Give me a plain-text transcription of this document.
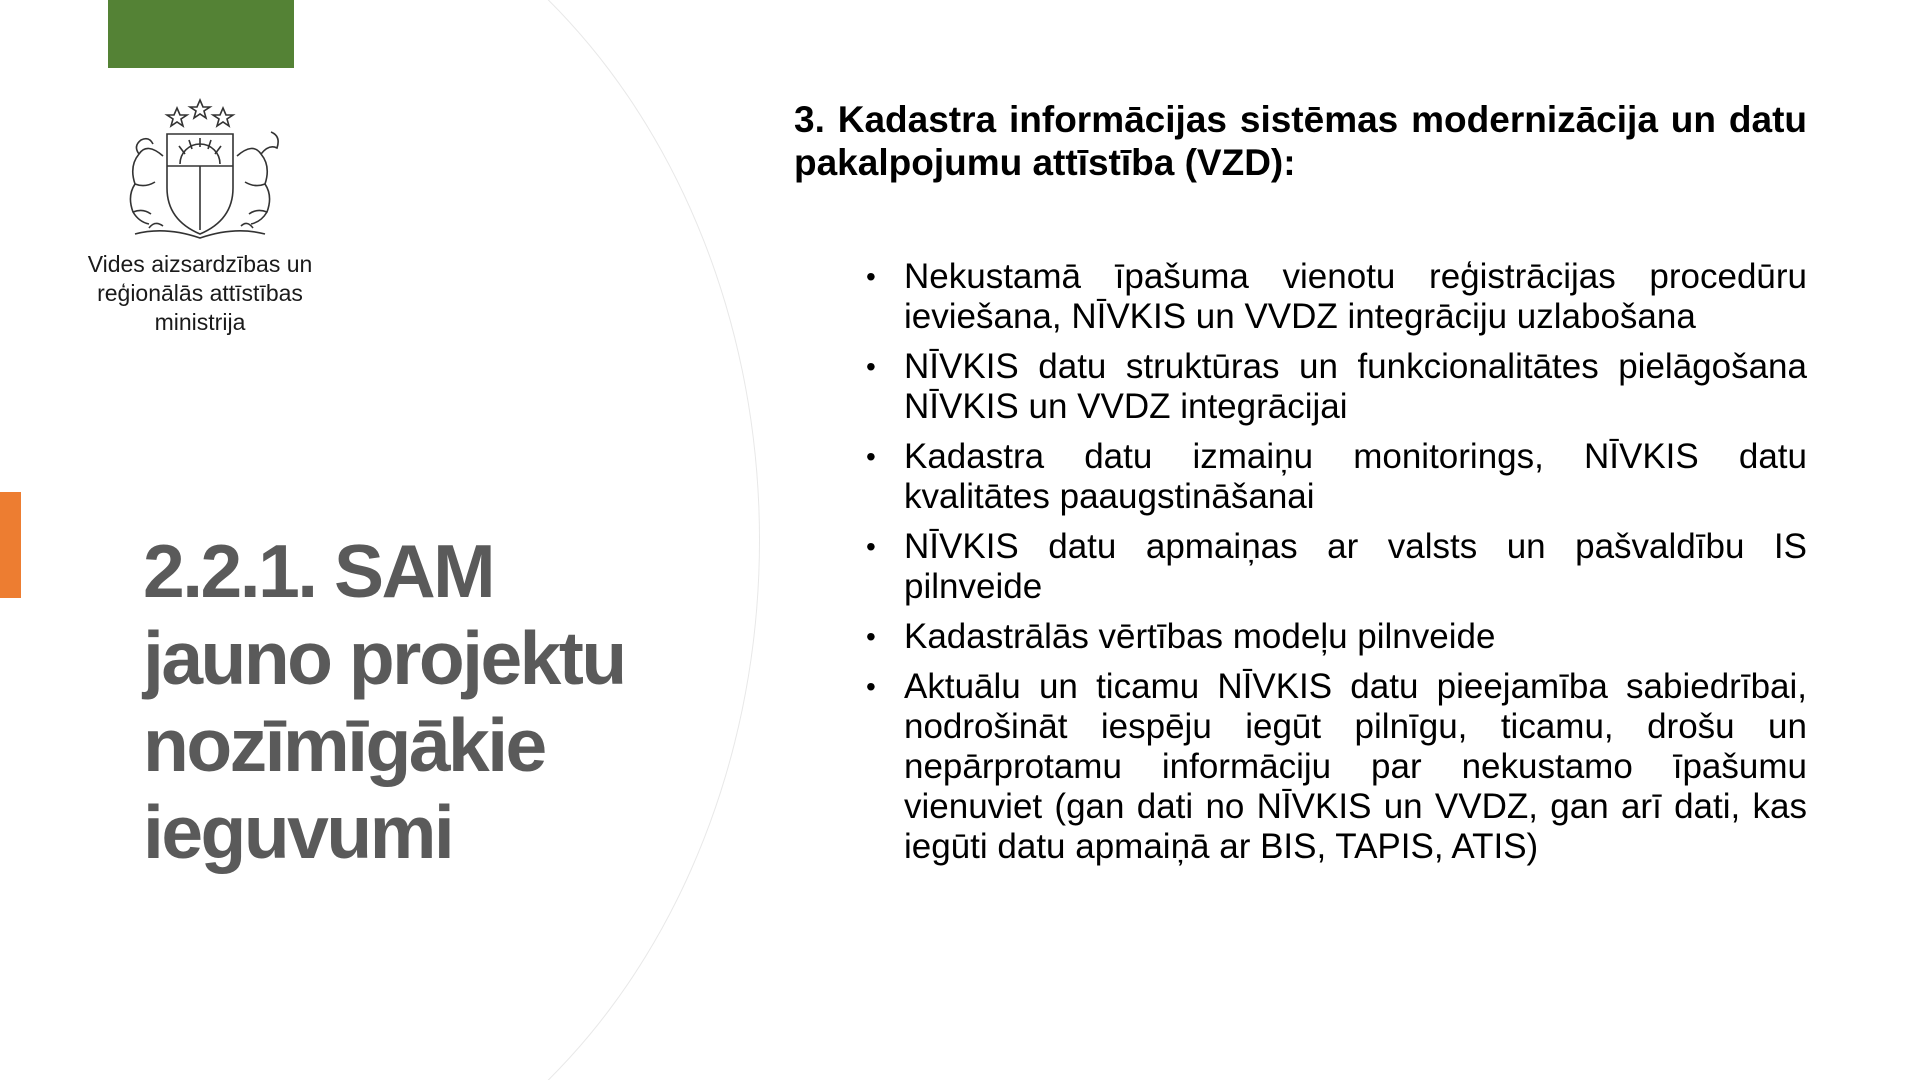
Vides aizsardzības un
reģionālās attīstības
ministrija
2.2.1. SAM
jauno projektu
nozīmīgākie
ieguvumi
3. Kadastra informācijas sistēmas modernizācija un datu pakalpojumu attīstība (VZD):
• Nekustamā īpašuma vienotu reģistrācijas procedūru ieviešana, NĪVKIS un VVDZ integrāciju uzlabošana
• NĪVKIS datu struktūras un funkcionalitātes pielāgošana NĪVKIS un VVDZ integrācijai
• Kadastra datu izmaiņu monitorings, NĪVKIS datu kvalitātes paaugstināšanai
• NĪVKIS datu apmaiņas ar valsts un pašvaldību IS pilnveide
• Kadastrālās vērtības modeļu pilnveide
• Aktuālu un ticamu NĪVKIS datu pieejamība sabiedrībai, nodrošināt iespēju iegūt pilnīgu, ticamu, drošu un nepārprotamu informāciju par nekustamo īpašumu vienuviet (gan dati no NĪVKIS un VVDZ, gan arī dati, kas iegūti datu apmaiņā ar BIS, TAPIS, ATIS)
